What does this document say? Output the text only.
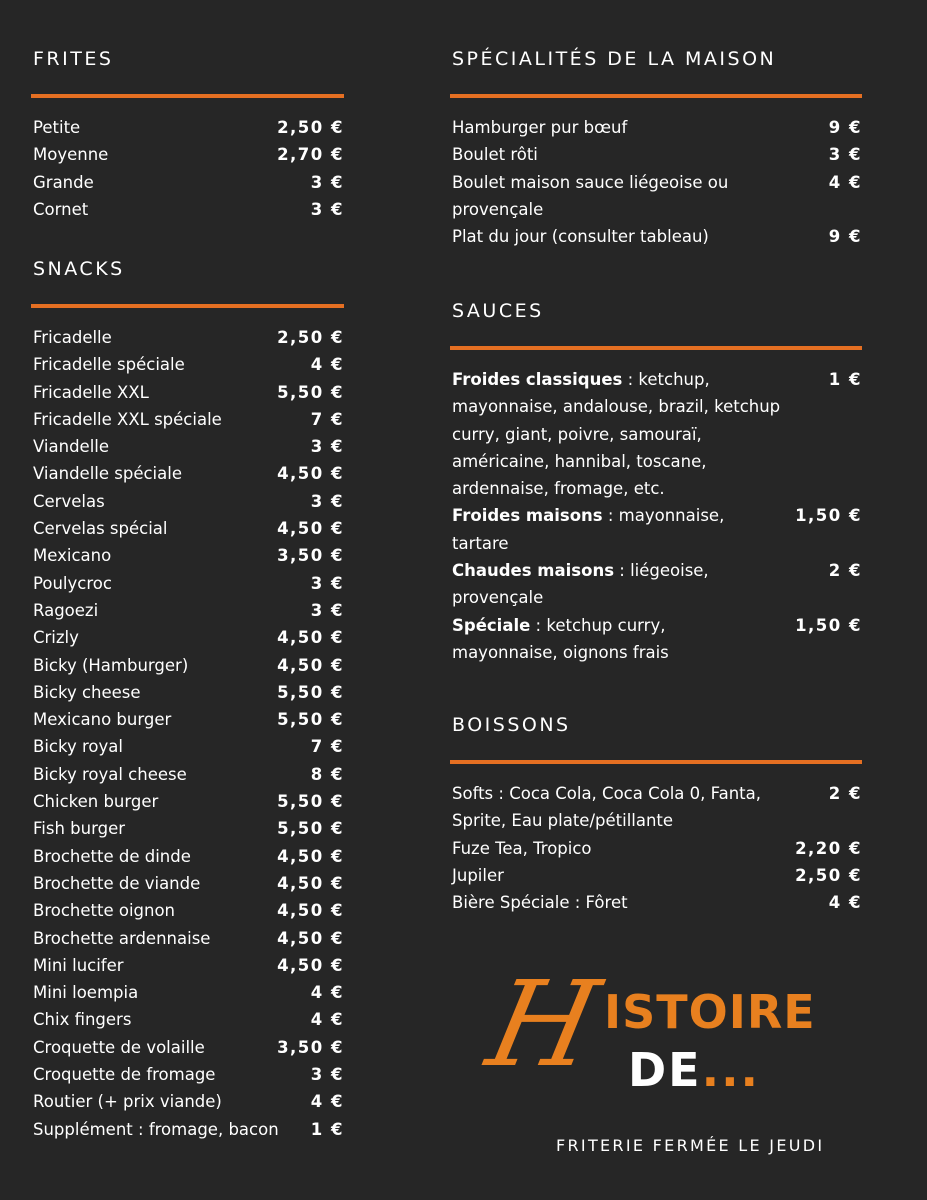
FRITES
Petite	2,50 €
Moyenne	2,70 €
Grande	3 €
Cornet	3 €
SNACKS
Fricadelle	2,50 €
Fricadelle spéciale	4 €
Fricadelle XXL	5,50 €
Fricadelle XXL spéciale	7 €
Viandelle	3 €
Viandelle spéciale	4,50 €
Cervelas	3 €
Cervelas spécial	4,50 €
Mexicano	3,50 €
Poulycroc	3 €
Ragoezi	3 €
Crizly	4,50 €
Bicky (Hamburger)	4,50 €
Bicky cheese	5,50 €
Mexicano burger	5,50 €
Bicky royal	7 €
Bicky royal cheese	8 €
Chicken burger	5,50 €
Fish burger	5,50 €
Brochette de dinde	4,50 €
Brochette de viande	4,50 €
Brochette oignon	4,50 €
Brochette ardennaise	4,50 €
Mini lucifer	4,50 €
Mini loempia	4 €
Chix fingers	4 €
Croquette de volaille	3,50 €
Croquette de fromage	3 €
Routier (+ prix viande)	4 €
Supplément : fromage, bacon	1 €
SPÉCIALITÉS DE LA MAISON
Hamburger pur bœuf	9 €
Boulet rôti	3 €
Boulet maison sauce liégeoise ou provençale
4 €
Plat du jour (consulter tableau)	9 €
SAUCES
Froides classiques : ketchup, mayonnaise, andalouse, brazil, ketchup curry, giant, poivre, samouraï, américaine, hannibal, toscane, ardennaise, fromage, etc.
1 €
Froides maisons : mayonnaise, tartare
1,50 €
Chaudes maisons : liégeoise, provençale
2 €
Spéciale : ketchup curry, mayonnaise, oignons frais
1,50 €
BOISSONS
Softs : Coca Cola, Coca Cola 0, Fanta, Sprite, Eau plate/pétillante
2 €
Fuze Tea, Tropico	2,20 €
Jupiler	2,50 €
Bière Spéciale : Fôret	4 €
H
ISTOIRE
DE...
FRITERIE FERMÉE LE JEUDI
